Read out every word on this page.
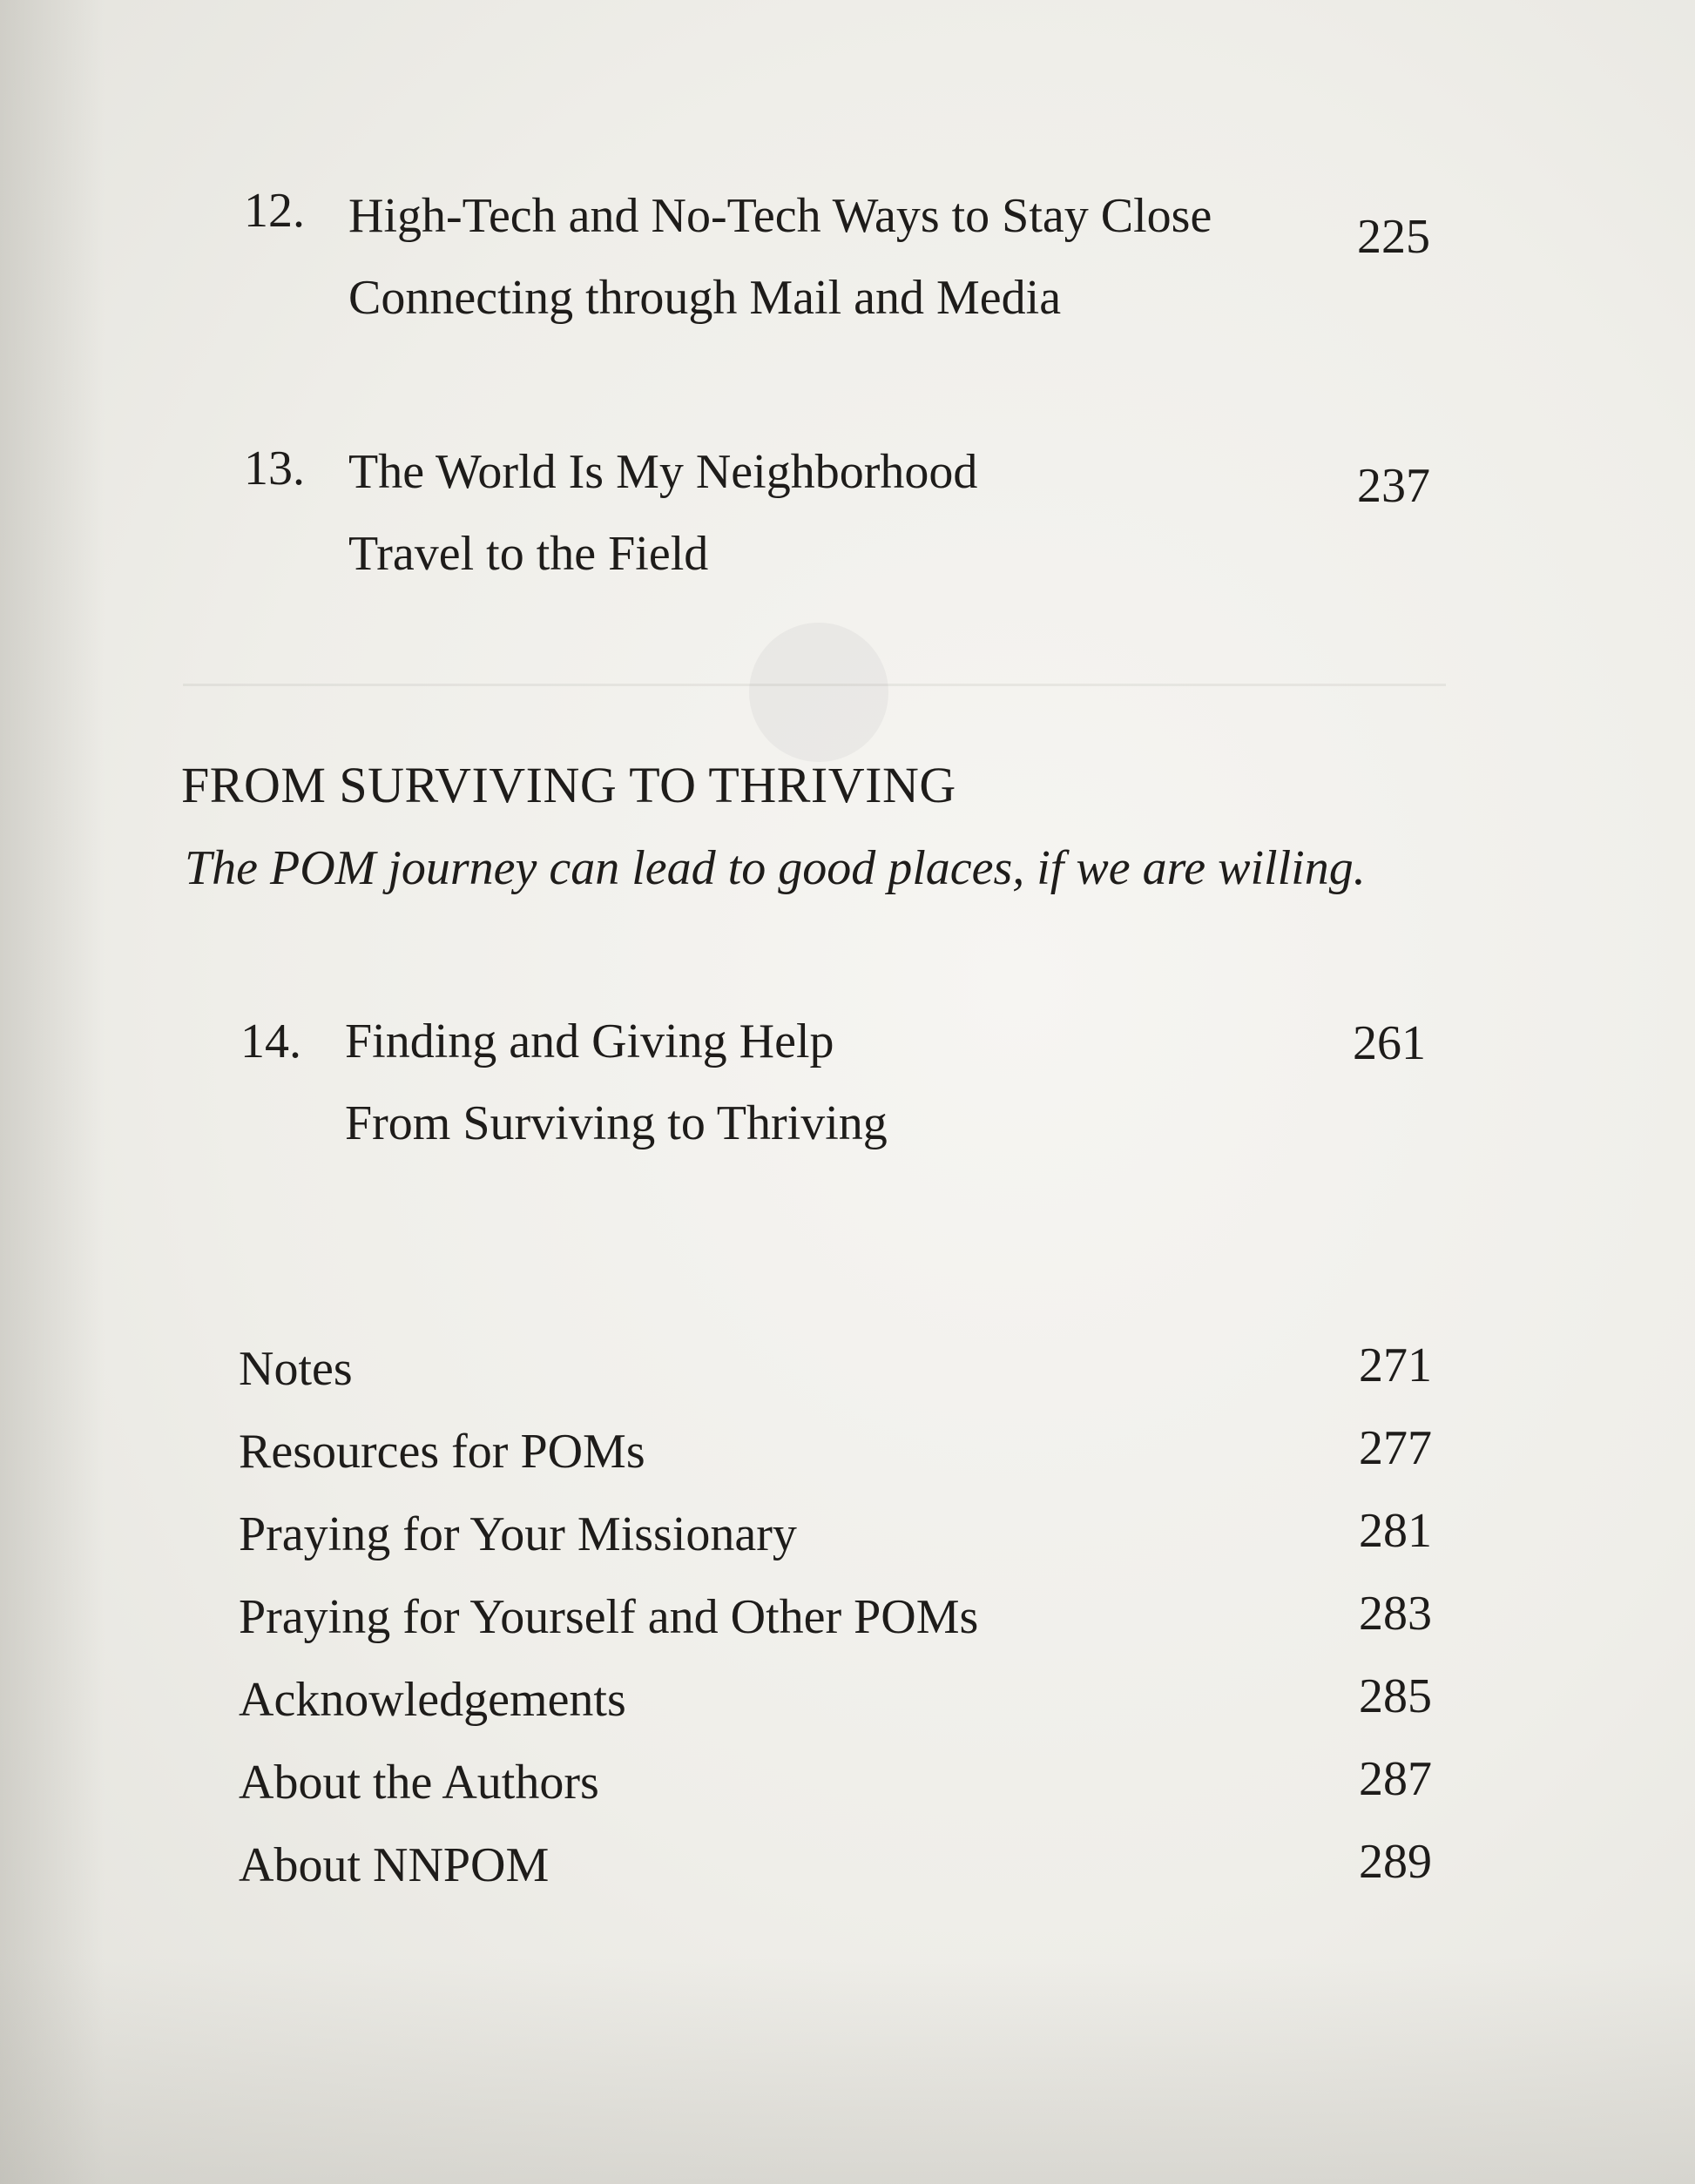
12. High-Tech and No-Tech Ways to Stay Close	225
Connecting through Mail and Media
13. The World Is My Neighborhood	237
Travel to the Field
FROM SURVIVING TO THRIVING
The POM journey can lead to good places, if we are willing.
14. Finding and Giving Help	261
From Surviving to Thriving
Notes	271
Resources for POMs	277
Praying for Your Missionary	281
Praying for Yourself and Other POMs	283
Acknowledgements	285
About the Authors	287
About NNPOM	289
